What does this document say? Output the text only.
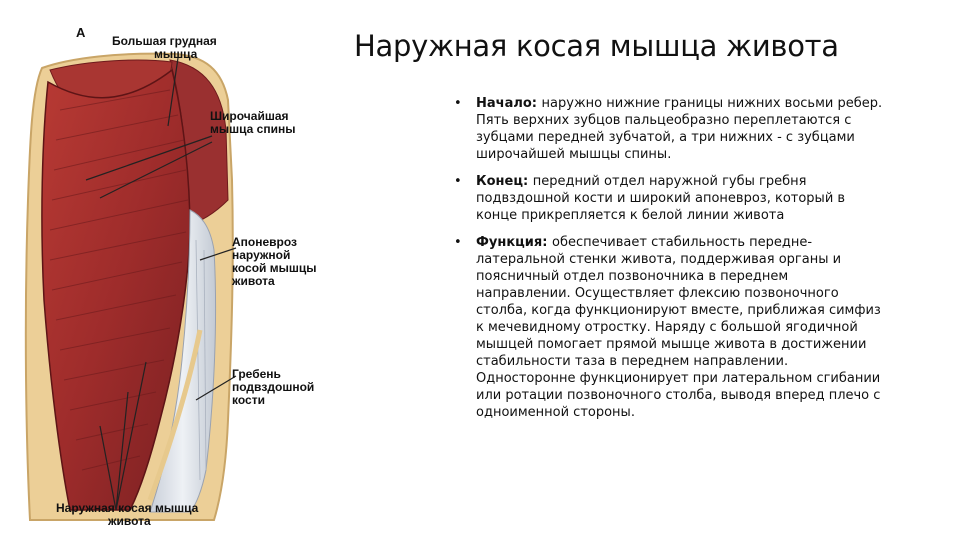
А
Большая грудная
мышца
Широчайшая
мышца спины
Апоневроз
наружной
косой мышцы
живота
Гребень
подвздошной
кости
Наружная косая мышца
живота
Наружная косая мышца живота
• Начало: наружно нижние границы нижних восьми ребер. Пять верхних зубцов пальцеобразно переплетаются с зубцами передней зубчатой, а три нижних - с зубцами широчайшей мышцы спины.
• Конец: передний отдел наружной губы гребня подвздошной кости и широкий апоневроз, который в конце прикрепляется к белой линии живота
• Функция: обеспечивает стабильность передне-латеральной стенки живота, поддерживая органы и поясничный отдел позвоночника в переднем направлении. Осуществляет флексию позвоночного столба, когда функционируют вместе, приближая симфиз к мечевидному отростку. Наряду с большой ягодичной мышцей помогает прямой мышце живота в достижении стабильности таза в переднем направлении. Односторонне функционирует при латеральном сгибании или ротации позвоночного столба, выводя вперед плечо с одноименной стороны.
